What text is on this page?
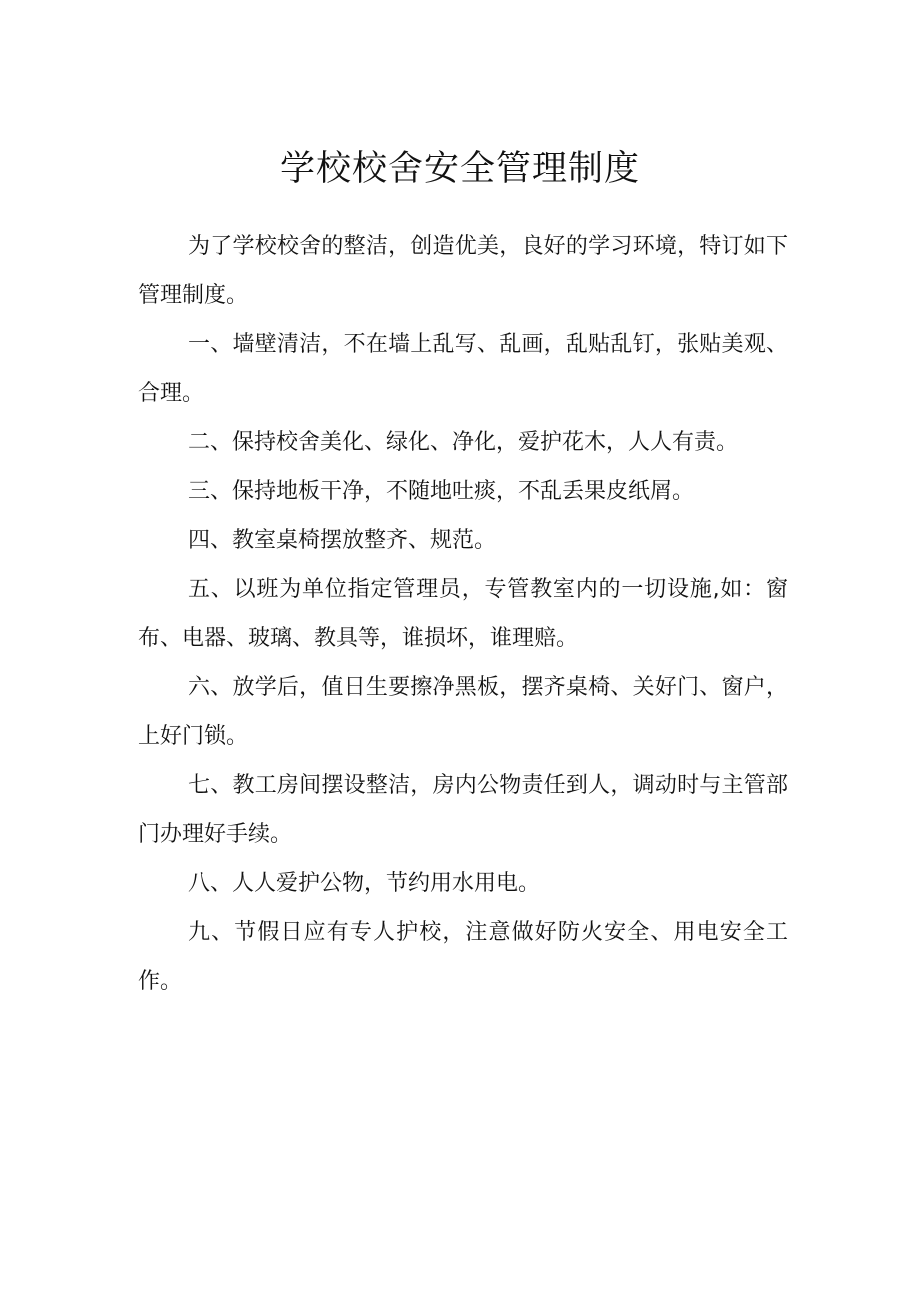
学校校舍安全管理制度

为了学校校舍的整洁，创造优美，良好的学习环境，特订如下管理制度。

一、墙壁清洁，不在墙上乱写、乱画，乱贴乱钉，张贴美观、合理。

二、保持校舍美化、绿化、净化，爱护花木，人人有责。

三、保持地板干净，不随地吐痰，不乱丢果皮纸屑。

四、教室桌椅摆放整齐、规范。

五、以班为单位指定管理员，专管教室内的一切设施,如：窗布、电器、玻璃、教具等，谁损坏，谁理赔。

六、放学后，值日生要擦净黑板，摆齐桌椅、关好门、窗户，上好门锁。

七、教工房间摆设整洁，房内公物责任到人，调动时与主管部门办理好手续。

八、人人爱护公物，节约用水用电。

九、节假日应有专人护校，注意做好防火安全、用电安全工作。
